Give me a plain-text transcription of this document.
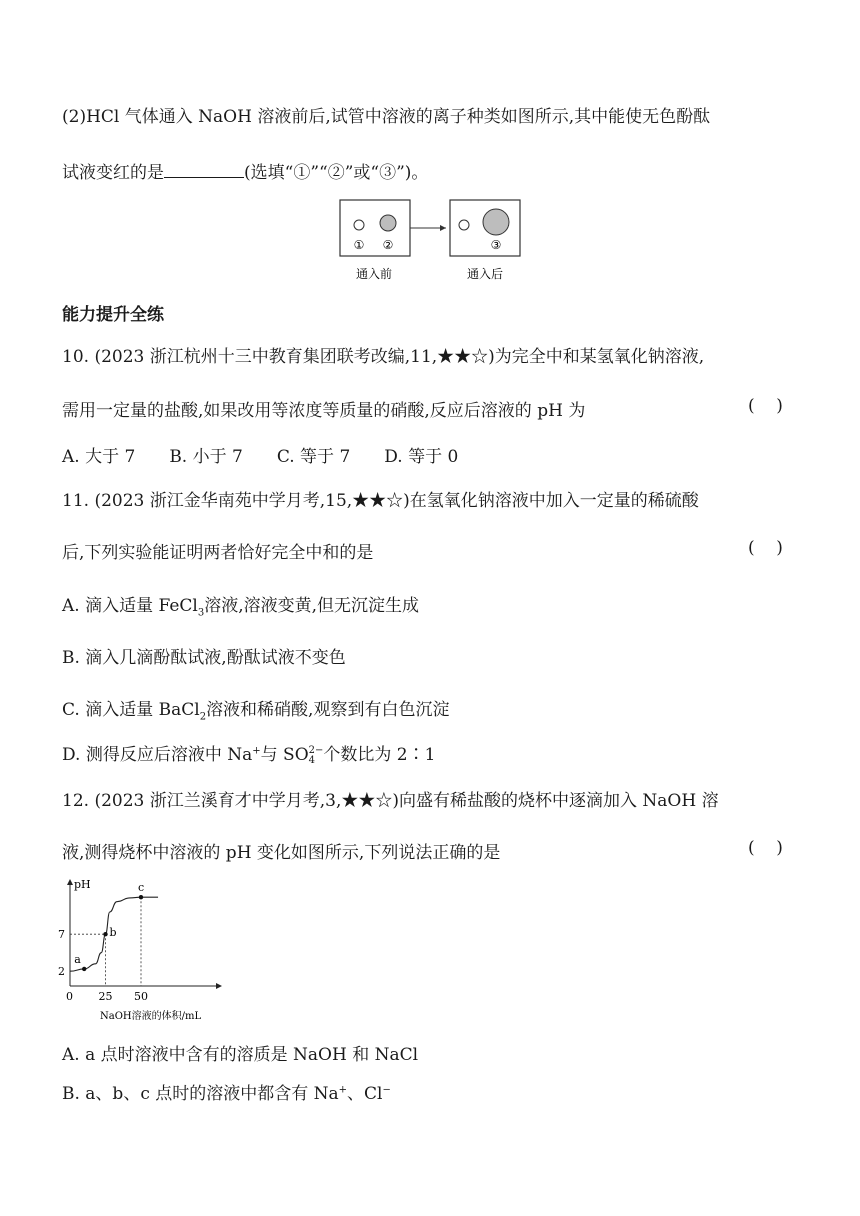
(2)HCl 气体通入 NaOH 溶液前后,试管中溶液的离子种类如图所示,其中能使无色酚酞
试液变红的是	(选填“①”“②”或“③”)。
① ②	③
通入前	通入后
能力提升全练
10. (2023 浙江杭州十三中教育集团联考改编,11,★★☆)为完全中和某氢氧化钠溶液,
需用一定量的盐酸,如果改用等浓度等质量的硝酸,反应后溶液的 pH 为	(    )
A. 大于 7 B. 小于 7 C. 等于 7 D. 等于 0
11. (2023 浙江金华南苑中学月考,15,★★☆)在氢氧化钠溶液中加入一定量的稀硫酸
后,下列实验能证明两者恰好完全中和的是	(    )
A. 滴入适量 FeCl$_3$溶液,溶液变黄,但无沉淀生成
B. 滴入几滴酚酞试液,酚酞试液不变色
C. 滴入适量 BaCl$_2$溶液和稀硝酸,观察到有白色沉淀
D. 测得反应后溶液中 Na+与 SO 2−
4 个数比为 2∶1
12. (2023 浙江兰溪育才中学月考,3,★★☆)向盛有稀盐酸的烧杯中逐滴加入 NaOH 溶
液,测得烧杯中溶液的 pH 变化如图所示,下列说法正确的是	(    )
pH
NaOH溶液的体积/mL
0
a
b
c
2
7
25 50
A. a 点时溶液中含有的溶质是 NaOH 和 NaCl
B. a、b、c 点时的溶液中都含有 Na+、Cl−
